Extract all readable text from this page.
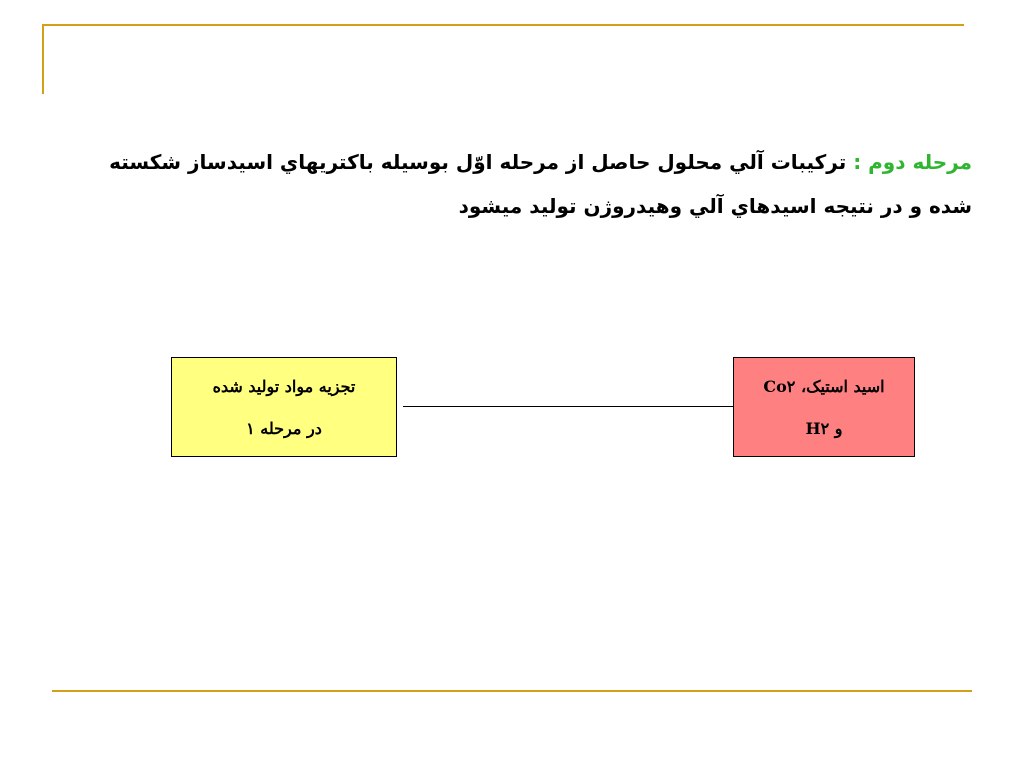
مرحله دوم : تركيبات آلي محلول حاصل از مرحله اوّل بوسيله باكتريهاي اسيدساز شكسته
شده و در نتيجه اسيدهاي آلي وهيدروژن توليد ميشود
تجزيه مواد توليد شده
در مرحله ۱
اسيد استيک، Co۲
و H۲
